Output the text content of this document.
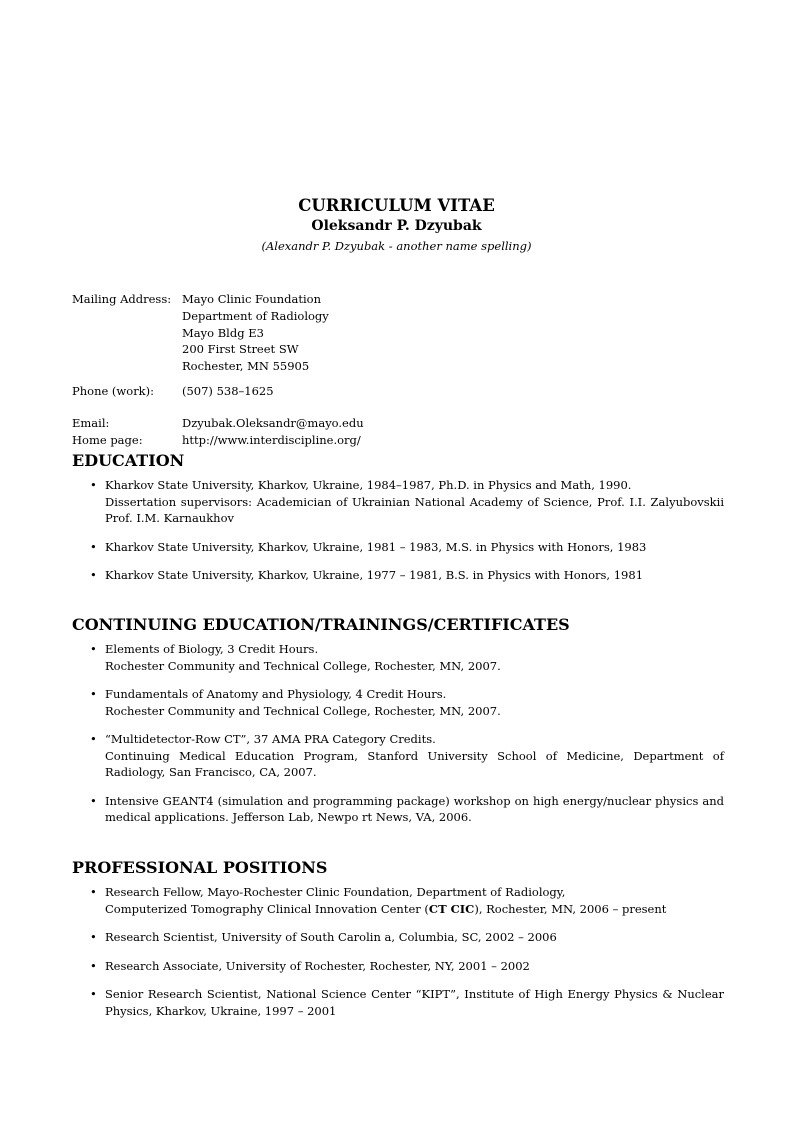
CURRICULUM VITAE
Oleksandr P. Dzyubak
(Alexandr P. Dzyubak - another name spelling)
Mailing Address: Mayo Clinic Foundation
Department of Radiology
Mayo Bldg E3
200 First Street SW
Rochester, MN 55905
Phone (work):	(507) 538–1625
Email:	Dzyubak.Oleksandr@mayo.edu
Home page:	http://www.interdiscipline.org/
EDUCATION
• Kharkov State University, Kharkov, Ukraine, 1984–1987, Ph.D. in Physics and Math, 1990.
Dissertation supervisors: Academician of Ukrainian National Academy of Science, Prof. I.I. Zalyubovskii Prof. I.M. Karnaukhov
• Kharkov State University, Kharkov, Ukraine, 1981 – 1983, M.S. in Physics with Honors, 1983
• Kharkov State University, Kharkov, Ukraine, 1977 – 1981, B.S. in Physics with Honors, 1981
CONTINUING EDUCATION/TRAININGS/CERTIFICATES
• Elements of Biology, 3 Credit Hours.
Rochester Community and Technical College, Rochester, MN, 2007.
• Fundamentals of Anatomy and Physiology, 4 Credit Hours.
Rochester Community and Technical College, Rochester, MN, 2007.
• “Multidetector-Row CT”, 37 AMA PRA Category Credits.
Continuing Medical Education Program, Stanford University School of Medicine, Department of Radiology, San Francisco, CA, 2007.
• Intensive GEANT4 (simulation and programming package) workshop on high energy/nuclear physics and medical applications. Jefferson Lab, Newpo rt News, VA, 2006.
PROFESSIONAL POSITIONS
• Research Fellow, Mayo-Rochester Clinic Foundation, Department of Radiology,
Computerized Tomography Clinical Innovation Center (CT CIC), Rochester, MN, 2006 – present
• Research Scientist, University of South Carolin a, Columbia, SC, 2002 – 2006
• Research Associate, University of Rochester, Rochester, NY, 2001 – 2002
• Senior Research Scientist, National Science Center “KIPT”, Institute of High Energy Physics & Nuclear Physics, Kharkov, Ukraine, 1997 – 2001
